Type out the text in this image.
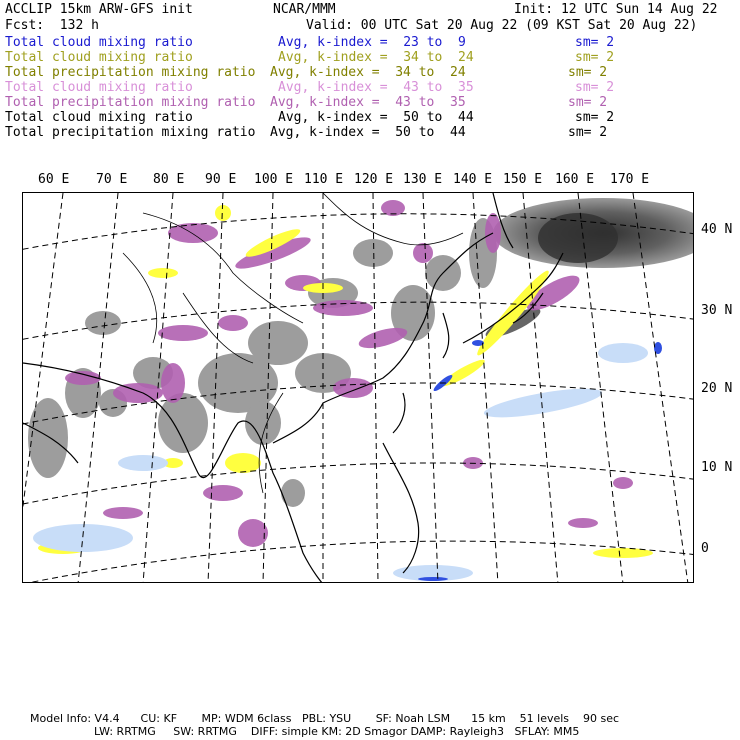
ACCLIP 15km ARW-GFS init	NCAR/MMM	Init: 12 UTC Sun 14 Aug 22
Fcst:  132 h	Valid: 00 UTC Sat 20 Aug 22 (09 KST Sat 20 Aug 22)
Total cloud mixing ratio	Avg, k-index =  23 to  9	sm= 2
Total cloud mixing ratio	Avg, k-index =  34 to  24	sm= 2
Total precipitation mixing ratio Avg, k-index =  34 to  24	sm= 2
Total cloud mixing ratio	Avg, k-index =  43 to  35	sm= 2
Total precipitation mixing ratio Avg, k-index =  43 to  35	sm= 2
Total cloud mixing ratio	Avg, k-index =  50 to  44	sm= 2
Total precipitation mixing ratio Avg, k-index =  50 to  44	sm= 2
60 E 70 E 80 E 90 E 100 E 110 E 120 E 130 E 140 E 150 E 160 E 170 E
40 N
30 N
20 N
10 N
0
Model Info: V4.4      CU: KF       MP: WDM 6class   PBL: YSU       SF: Noah LSM      15 km    51 levels    90 sec
LW: RRTMG     SW: RRTMG    DIFF: simple KM: 2D Smagor DAMP: Rayleigh3   SFLAY: MM5
